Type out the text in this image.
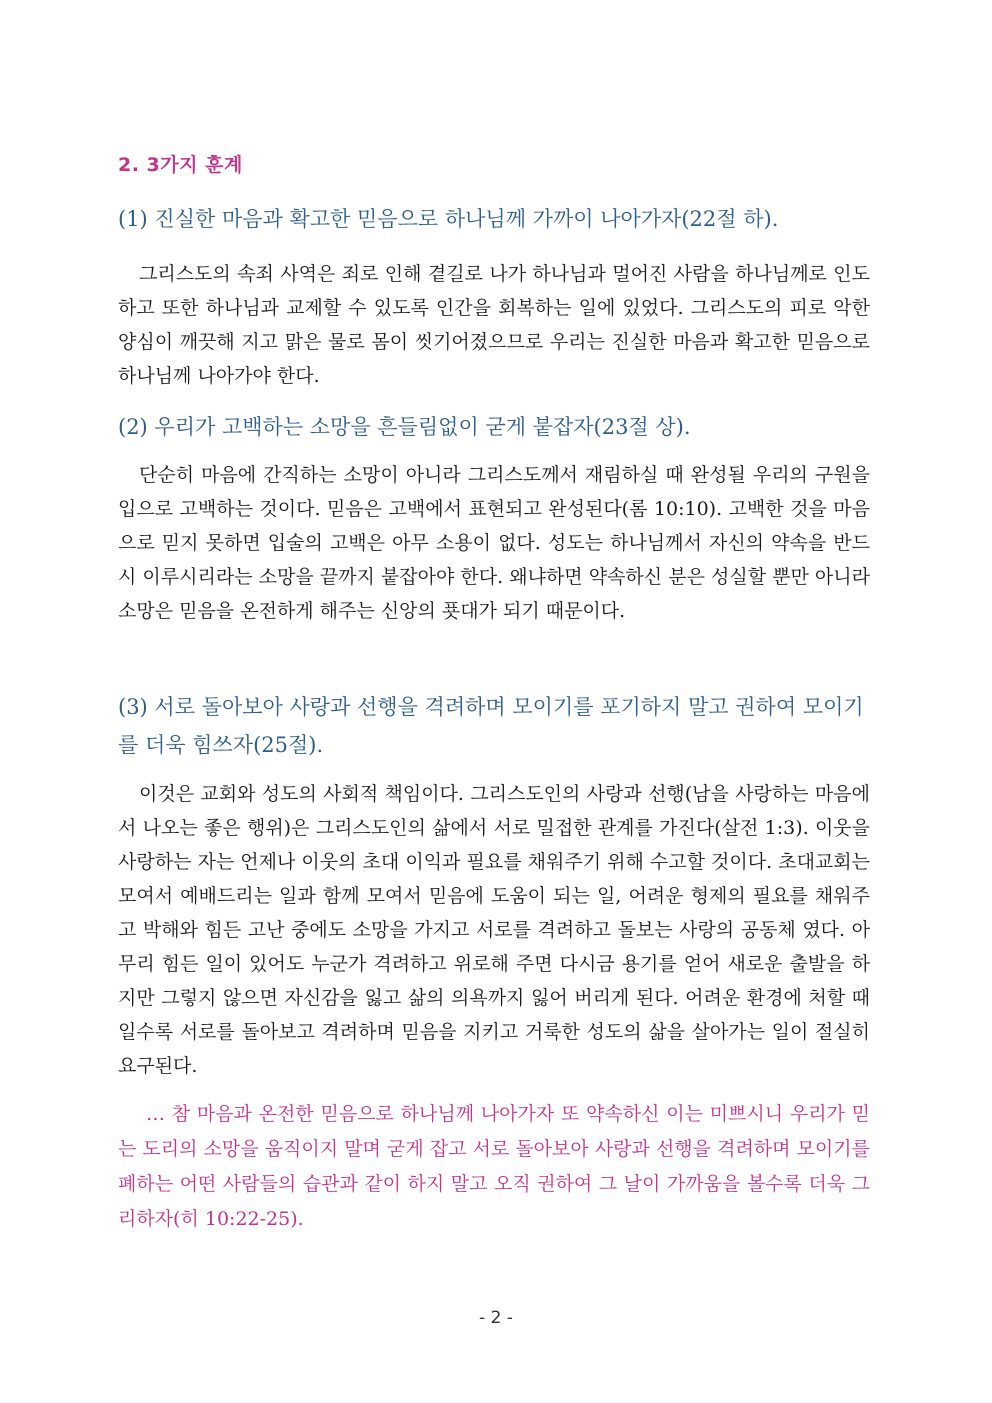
2. 3가지 훈계
(1) 진실한 마음과 확고한 믿음으로 하나님께 가까이 나아가자(22절 하).

그리스도의 속죄 사역은 죄로 인해 곁길로 나가 하나님과 멀어진 사람을 하나님께로 인도하고 또한 하나님과 교제할 수 있도록 인간을 회복하는 일에 있었다. 그리스도의 피로 악한 양심이 깨끗해 지고 맑은 물로 몸이 씻기어졌으므로 우리는 진실한 마음과 확고한 믿음으로 하나님께 나아가야 한다.

(2) 우리가 고백하는 소망을 흔들림없이 굳게 붙잡자(23절 상).

단순히 마음에 간직하는 소망이 아니라 그리스도께서 재림하실 때 완성될 우리의 구원을 입으로 고백하는 것이다. 믿음은 고백에서 표현되고 완성된다(롬 10:10). 고백한 것을 마음으로 믿지 못하면 입술의 고백은 아무 소용이 없다. 성도는 하나님께서 자신의 약속을 반드시 이루시리라는 소망을 끝까지 붙잡아야 한다. 왜냐하면 약속하신 분은 성실할 뿐만 아니라 소망은 믿음을 온전하게 해주는 신앙의 푯대가 되기 때문이다.

(3) 서로 돌아보아 사랑과 선행을 격려하며 모이기를 포기하지 말고 권하여 모이기를 더욱 힘쓰자(25절).

이것은 교회와 성도의 사회적 책임이다. 그리스도인의 사랑과 선행(남을 사랑하는 마음에서 나오는 좋은 행위)은 그리스도인의 삶에서 서로 밀접한 관계를 가진다(살전 1:3). 이웃을 사랑하는 자는 언제나 이웃의 초대 이익과 필요를 채워주기 위해 수고할 것이다. 초대교회는 모여서 예배드리는 일과 함께 모여서 믿음에 도움이 되는 일, 어려운 형제의 필요를 채워주고 박해와 힘든 고난 중에도 소망을 가지고 서로를 격려하고 돌보는 사랑의 공동체 였다. 아무리 힘든 일이 있어도 누군가 격려하고 위로해 주면 다시금 용기를 얻어 새로운 출발을 하지만 그렇지 않으면 자신감을 잃고 삶의 의욕까지 잃어 버리게 된다. 어려운 환경에 처할 때일수록 서로를 돌아보고 격려하며 믿음을 지키고 거룩한 성도의 삶을 살아가는 일이 절실히 요구된다.

… 참 마음과 온전한 믿음으로 하나님께 나아가자 또 약속하신 이는 미쁘시니 우리가 믿는 도리의 소망을 움직이지 말며 굳게 잡고 서로 돌아보아 사랑과 선행을 격려하며 모이기를 폐하는 어떤 사람들의 습관과 같이 하지 말고 오직 권하여 그 날이 가까움을 볼수록 더욱 그리하자(히 10:22-25).

- 2 -
